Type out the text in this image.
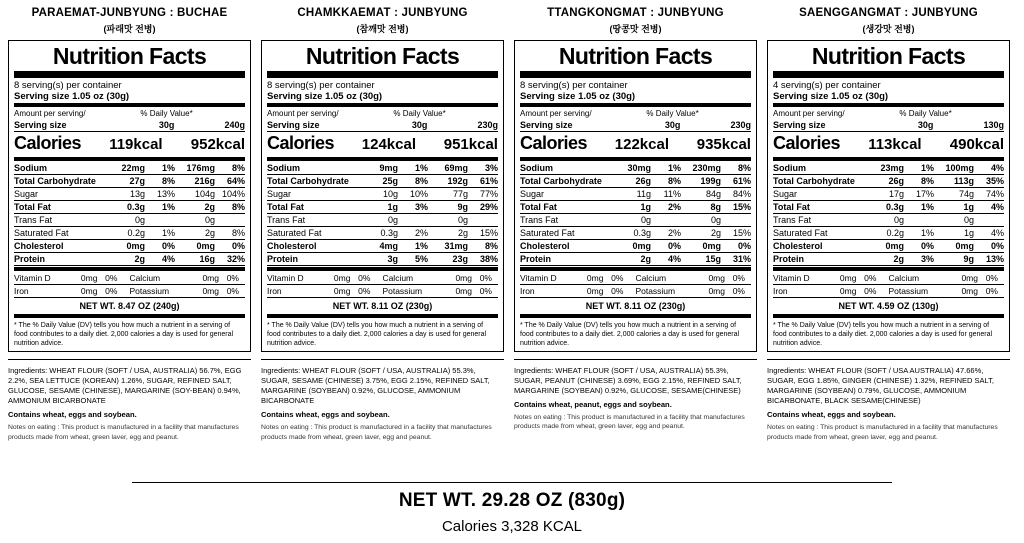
PARAEMAT-JUNBYUNG : BUCHAE
(파래맛 전병)
Nutrition Facts
8 serving(s) per container
Serving size 1.05 oz (30g)
Amount per serving/	% Daily Value*	
Serving size	30g	240g
Calories 119kcal 952kcal
Sodium	22mg	1%	176mg	8%

Total Carbohydrate	27g	8%	216g	64%

Sugar	13g	13%	104g	104%

Total Fat	0.3g	1%	2g	8%

Trans Fat	0g		0g	

Saturated Fat	0.2g	1%	2g	8%

Cholesterol	0mg	0%	0mg	0%

Protein	2g	4%	16g	32%

Vitamin D	0mg	0%	Calcium	0mg	0%

Iron	0mg	0%	Potassium	0mg	0%

NET WT. 8.47 OZ (240g)
* The % Daily Value (DV) tells you how much a nutrient in a serving of food contributes to a daily diet. 2,000 calories a day is used for general nutrition advice.
Ingredients: WHEAT FLOUR (SOFT / USA, AUSTRALIA) 56.7%, EGG 2.2%, SEA LETTUCE (KOREAN) 1.26%, SUGAR, REFINED SALT, GLUCOSE, SESAME (CHINESE), MARGARINE (SOY-BEAN) 0.94%, AMMONIUM BICARBONATE
Contains wheat, eggs and soybean.
Notes on eating : This product is manufactured in a facility that manufactures products made from wheat, green laver, egg and peanut.
CHAMKKAEMAT : JUNBYUNG
(참깨맛 전병)
Nutrition Facts
8 serving(s) per container
Serving size 1.05 oz (30g)
Amount per serving/	% Daily Value*	
Serving size	30g	230g
Calories 124kcal 951kcal
Sodium	9mg	1%	69mg	3%

Total Carbohydrate	25g	8%	192g	61%

Sugar	10g	10%	77g	77%

Total Fat	1g	3%	9g	29%

Trans Fat	0g		0g	

Saturated Fat	0.3g	2%	2g	15%

Cholesterol	4mg	1%	31mg	8%

Protein	3g	5%	23g	38%

Vitamin D	0mg	0%	Calcium	0mg	0%

Iron	0mg	0%	Potassium	0mg	0%

NET WT. 8.11 OZ (230g)
* The % Daily Value (DV) tells you how much a nutrient in a serving of food contributes to a daily diet. 2,000 calories a day is used for general nutrition advice.
Ingredients: WHEAT FLOUR (SOFT / USA, AUSTRALIA) 55.3%, SUGAR, SESAME (CHINESE) 3.75%, EGG 2.15%, REFINED SALT, MARGARINE (SOYBEAN) 0.92%, GLUCOSE, AMMONIUM BICARBONATE
Contains wheat, eggs and soybean.
Notes on eating : This product is manufactured in a facility that manufactures products made from wheat, green laver, egg and peanut.
TTANGKONGMAT : JUNBYUNG
(땅콩맛 전병)
Nutrition Facts
8 serving(s) per container
Serving size 1.05 oz (30g)
Amount per serving/	% Daily Value*	
Serving size	30g	230g
Calories 122kcal 935kcal
Sodium	30mg	1%	230mg	8%

Total Carbohydrate	26g	8%	199g	61%

Sugar	11g	11%	84g	84%

Total Fat	1g	2%	8g	15%

Trans Fat	0g		0g	

Saturated Fat	0.3g	2%	2g	15%

Cholesterol	0mg	0%	0mg	0%

Protein	2g	4%	15g	31%

Vitamin D	0mg	0%	Calcium	0mg	0%

Iron	0mg	0%	Potassium	0mg	0%

NET WT. 8.11 OZ (230g)
* The % Daily Value (DV) tells you how much a nutrient in a serving of food contributes to a daily diet. 2,000 calories a day is used for general nutrition advice.
Ingredients: WHEAT FLOUR (SOFT / USA, AUSTRALIA) 55.3%, SUGAR, PEANUT (CHINESE) 3.69%, EGG 2.15%, REFINED SALT, MARGARINE (SOYBEAN) 0.92%, GLUCOSE, SESAME(CHINESE)
Contains wheat, peanut, eggs and soybean.
Notes on eating : This product is manufactured in a facility that manufactures products made from wheat, green laver, egg and peanut.
SAENGGANGMAT : JUNBYUNG
(생강맛 전병)
Nutrition Facts
4 serving(s) per container
Serving size 1.05 oz (30g)
Amount per serving/	% Daily Value*	
Serving size	30g	130g
Calories 113kcal 490kcal
Sodium	23mg	1%	100mg	4%

Total Carbohydrate	26g	8%	113g	35%

Sugar	17g	17%	74g	74%

Total Fat	0.3g	1%	1g	4%

Trans Fat	0g		0g	

Saturated Fat	0.2g	1%	1g	4%

Cholesterol	0mg	0%	0mg	0%

Protein	2g	3%	9g	13%

Vitamin D	0mg	0%	Calcium	0mg	0%

Iron	0mg	0%	Potassium	0mg	0%

NET WT. 4.59 OZ (130g)
* The % Daily Value (DV) tells you how much a nutrient in a serving of food contributes to a daily diet. 2,000 calories a day is used for general nutrition advice.
Ingredients: WHEAT FLOUR (SOFT / USA AUSTRALIA) 47.66%, SUGAR, EGG 1.85%, GINGER (CHINESE) 1.32%, REFINED SALT, MARGARINE (SOYBEAN) 0.79%, GLUCOSE, AMMONIUM BICARBONATE, BLACK SESAME(CHINESE)
Contains wheat, eggs and soybean.
Notes on eating : This product is manufactured in a facility that manufactures products made from wheat, green laver, egg and peanut.
NET WT. 29.28 OZ (830g)
Calories 3,328 KCAL
